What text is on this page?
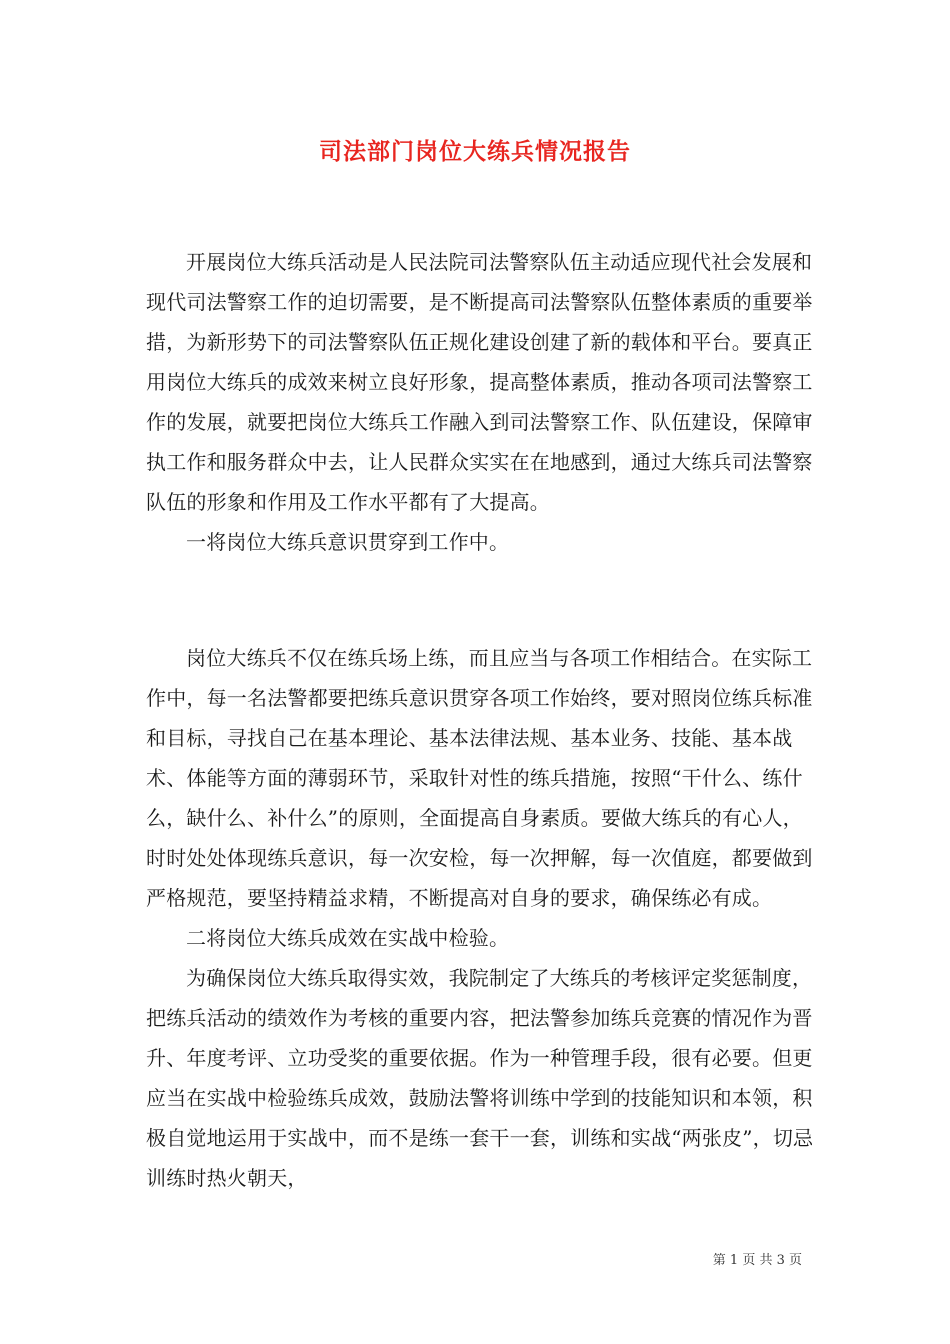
司法部门岗位大练兵情况报告

开展岗位大练兵活动是人民法院司法警察队伍主动适应现代社会发展和现代司法警察工作的迫切需要，是不断提高司法警察队伍整体素质的重要举措，为新形势下的司法警察队伍正规化建设创建了新的载体和平台。要真正用岗位大练兵的成效来树立良好形象，提高整体素质，推动各项司法警察工作的发展，就要把岗位大练兵工作融入到司法警察工作、队伍建设，保障审执工作和服务群众中去，让人民群众实实在在地感到，通过大练兵司法警察队伍的形象和作用及工作水平都有了大提高。

一将岗位大练兵意识贯穿到工作中。

岗位大练兵不仅在练兵场上练，而且应当与各项工作相结合。在实际工作中，每一名法警都要把练兵意识贯穿各项工作始终，要对照岗位练兵标准和目标，寻找自己在基本理论、基本法律法规、基本业务、技能、基本战术、体能等方面的薄弱环节，采取针对性的练兵措施，按照“干什么、练什么，缺什么、补什么”的原则，全面提高自身素质。要做大练兵的有心人，时时处处体现练兵意识，每一次安检，每一次押解，每一次值庭，都要做到严格规范，要坚持精益求精，不断提高对自身的要求，确保练必有成。

二将岗位大练兵成效在实战中检验。

为确保岗位大练兵取得实效，我院制定了大练兵的考核评定奖惩制度，把练兵活动的绩效作为考核的重要内容，把法警参加练兵竞赛的情况作为晋升、年度考评、立功受奖的重要依据。作为一种管理手段，很有必要。但更应当在实战中检验练兵成效，鼓励法警将训练中学到的技能知识和本领，积极自觉地运用于实战中，而不是练一套干一套，训练和实战“两张皮”，切忌训练时热火朝天，

第 1 页 共 3 页
